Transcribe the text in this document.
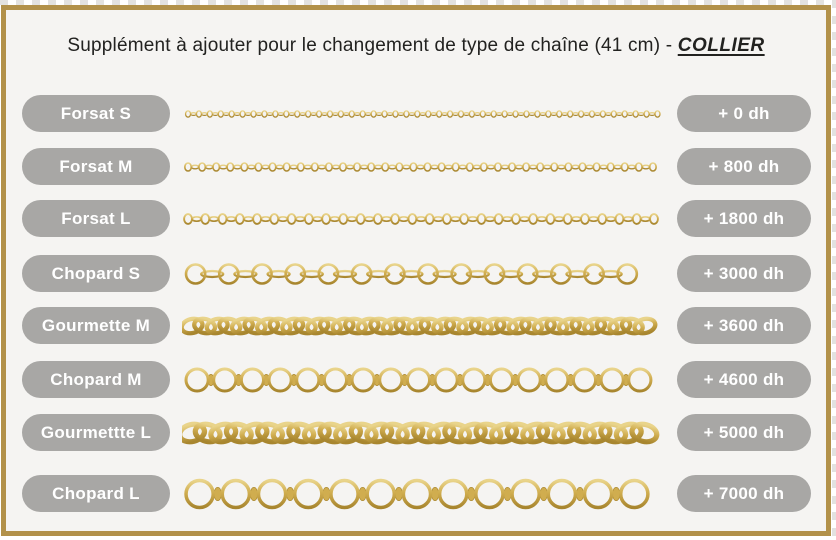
Supplément à ajouter pour le changement de type de chaîne (41 cm) - COLLIER
Forsat S	+ 0 dh
Forsat M	+ 800 dh
Forsat L	+ 1800 dh
Chopard S	+ 3000 dh
Gourmette M	+ 3600 dh
Chopard M	+ 4600 dh
Gourmettte L	+ 5000 dh
Chopard L	+ 7000 dh
